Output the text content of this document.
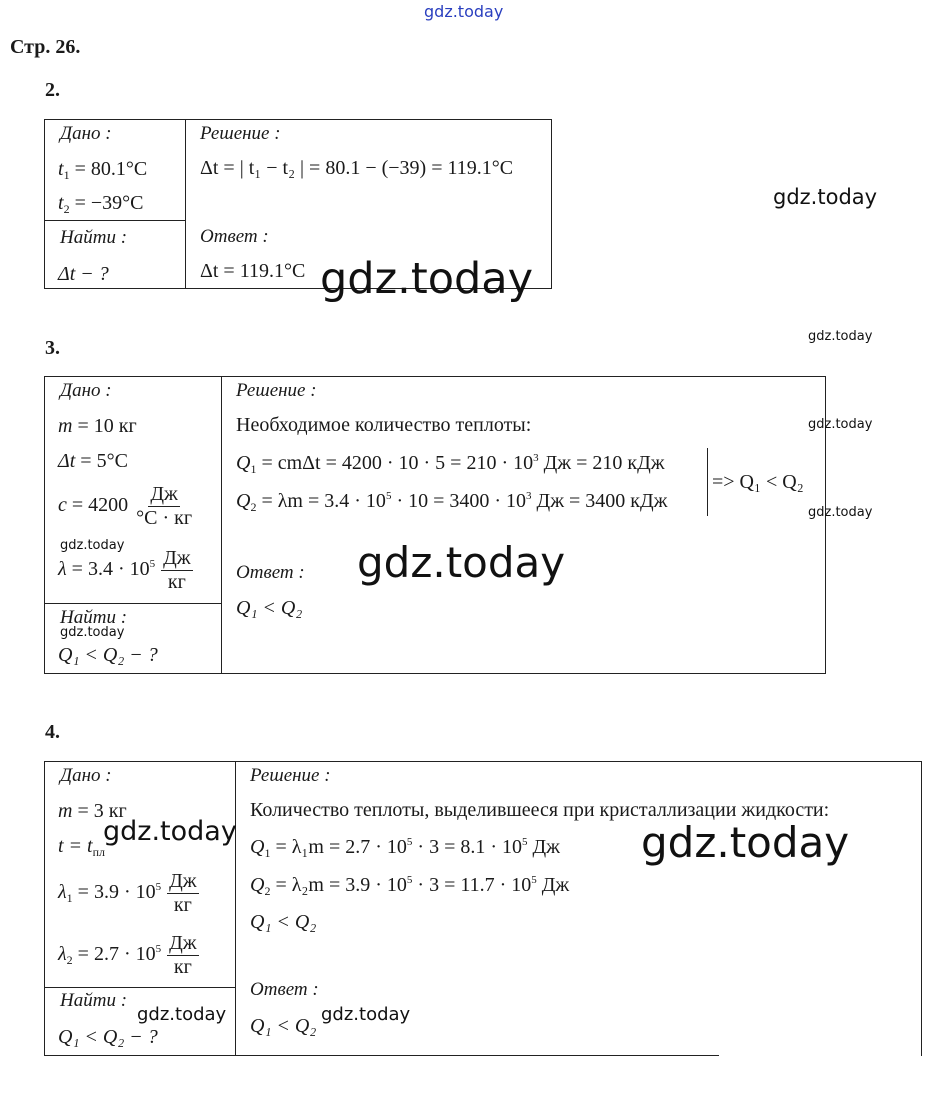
gdz.today
Стр. 26.
2.
Дано :
$t_1 = 80.1^\circ С$
$t_2 = -39^\circ С$
Найти :
Δt − ?
Решение :
Δt = | t₁ − t₂ | = 80.1 − (−39) = 119.1°С
Ответ :
Δt = 119.1°С
gdz.today
gdz.today
3.
gdz.today
Дано :
m = 10 кг
Δt = 5°С
$c = 4200 \frac{Дж}{^\circ С \cdot кг}$
gdz.today
$\lambda = 3.4 \cdot 10^5 \frac{Дж}{кг}$
Найти :
gdz.today
Q₁ < Q₂ − ?
Решение :
Необходимое количество теплоты:
$Q_1 = cm\Delta t = 4200 \cdot 10 \cdot 5 = 210 \cdot 10^3$ Дж = 210 кДж
$Q_2 = \lambda m = 3.4 \cdot 10^5 \cdot 10 = 3400 \cdot 10^3$ Дж = 3400 кДж
=> Q₁ < Q₂
Ответ :
Q₁ < Q₂
gdz.today
gdz.today
gdz.today
4.
Дано :
m = 3 кг
$t = t_{пл}$
$\lambda_1 = 3.9 \cdot 10^5 \frac{Дж}{кг}$
$\lambda_2 = 2.7 \cdot 10^5 \frac{Дж}{кг}$
Найти :
Q₁ < Q₂ − ?
Решение :
Количество теплоты, выделившееся при кристаллизации жидкости:
$Q_1 = \lambda_1m = 2.7 \cdot 10^5 \cdot 3 = 8.1 \cdot 10^5$ Дж
$Q_2 = \lambda_2m = 3.9 \cdot 10^5 \cdot 3 = 11.7 \cdot 10^5$ Дж
Q₁ < Q₂
Ответ :
Q₁ < Q₂
gdz.today	gdz.today
gdz.today	gdz.today
